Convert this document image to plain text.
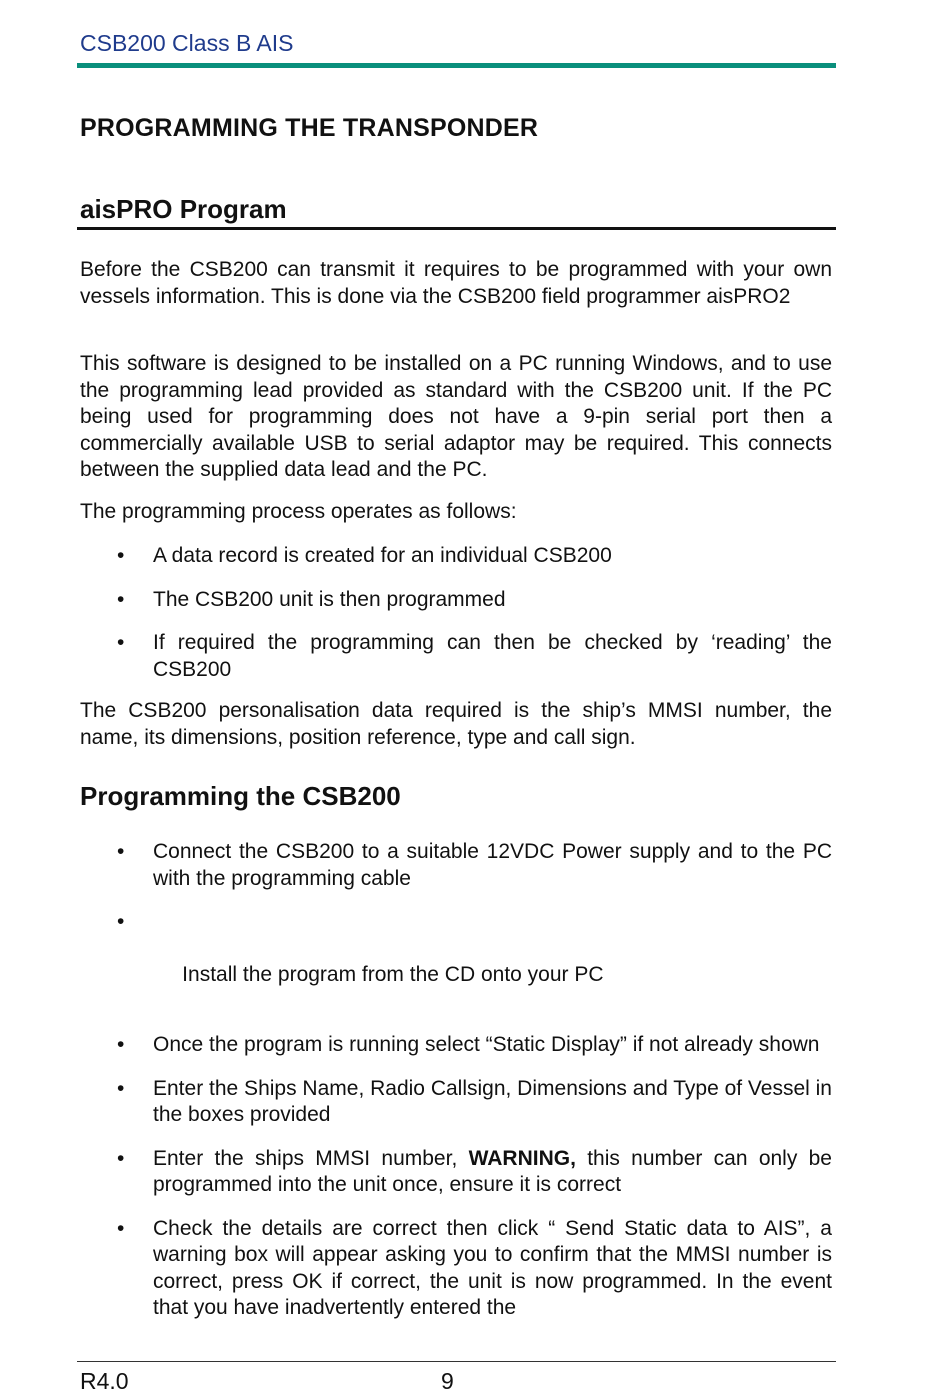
CSB200 Class B AIS
PROGRAMMING THE TRANSPONDER
aisPRO Program

Before the CSB200 can transmit it requires to be programmed with your own vessels information. This is done via the CSB200 field programmer aisPRO2

This software is designed to be installed on a PC running Windows, and to use the programming lead provided as standard with the CSB200 unit. If the PC being used for programming does not have a 9-pin serial port then a commercially available USB to serial adaptor may be required. This connects between the supplied data lead and the PC.

The programming process operates as follows:

• A data record is created for an individual CSB200
• The CSB200 unit is then programmed
• If required the programming can then be checked by ‘reading’ the CSB200

The CSB200 personalisation data required is the ship’s MMSI number, the name, its dimensions, position reference, type and call sign.

Programming the CSB200
• Connect the CSB200 to a suitable 12VDC Power supply and to the PC with the programming cable

•

Install the program from the CD onto your PC

• Once the program is running select “Static Display” if not already shown
• Enter the Ships Name, Radio Callsign, Dimensions and Type of Vessel in the boxes provided
• Enter the ships MMSI number, WARNING, this number can only be programmed into the unit once, ensure it is correct
• Check the details are correct then click “ Send Static data to AIS”, a warning box will appear asking you to confirm that the MMSI number is correct, press OK if correct, the unit is now programmed. In the event that you have inadvertently entered the
R4.0	9
